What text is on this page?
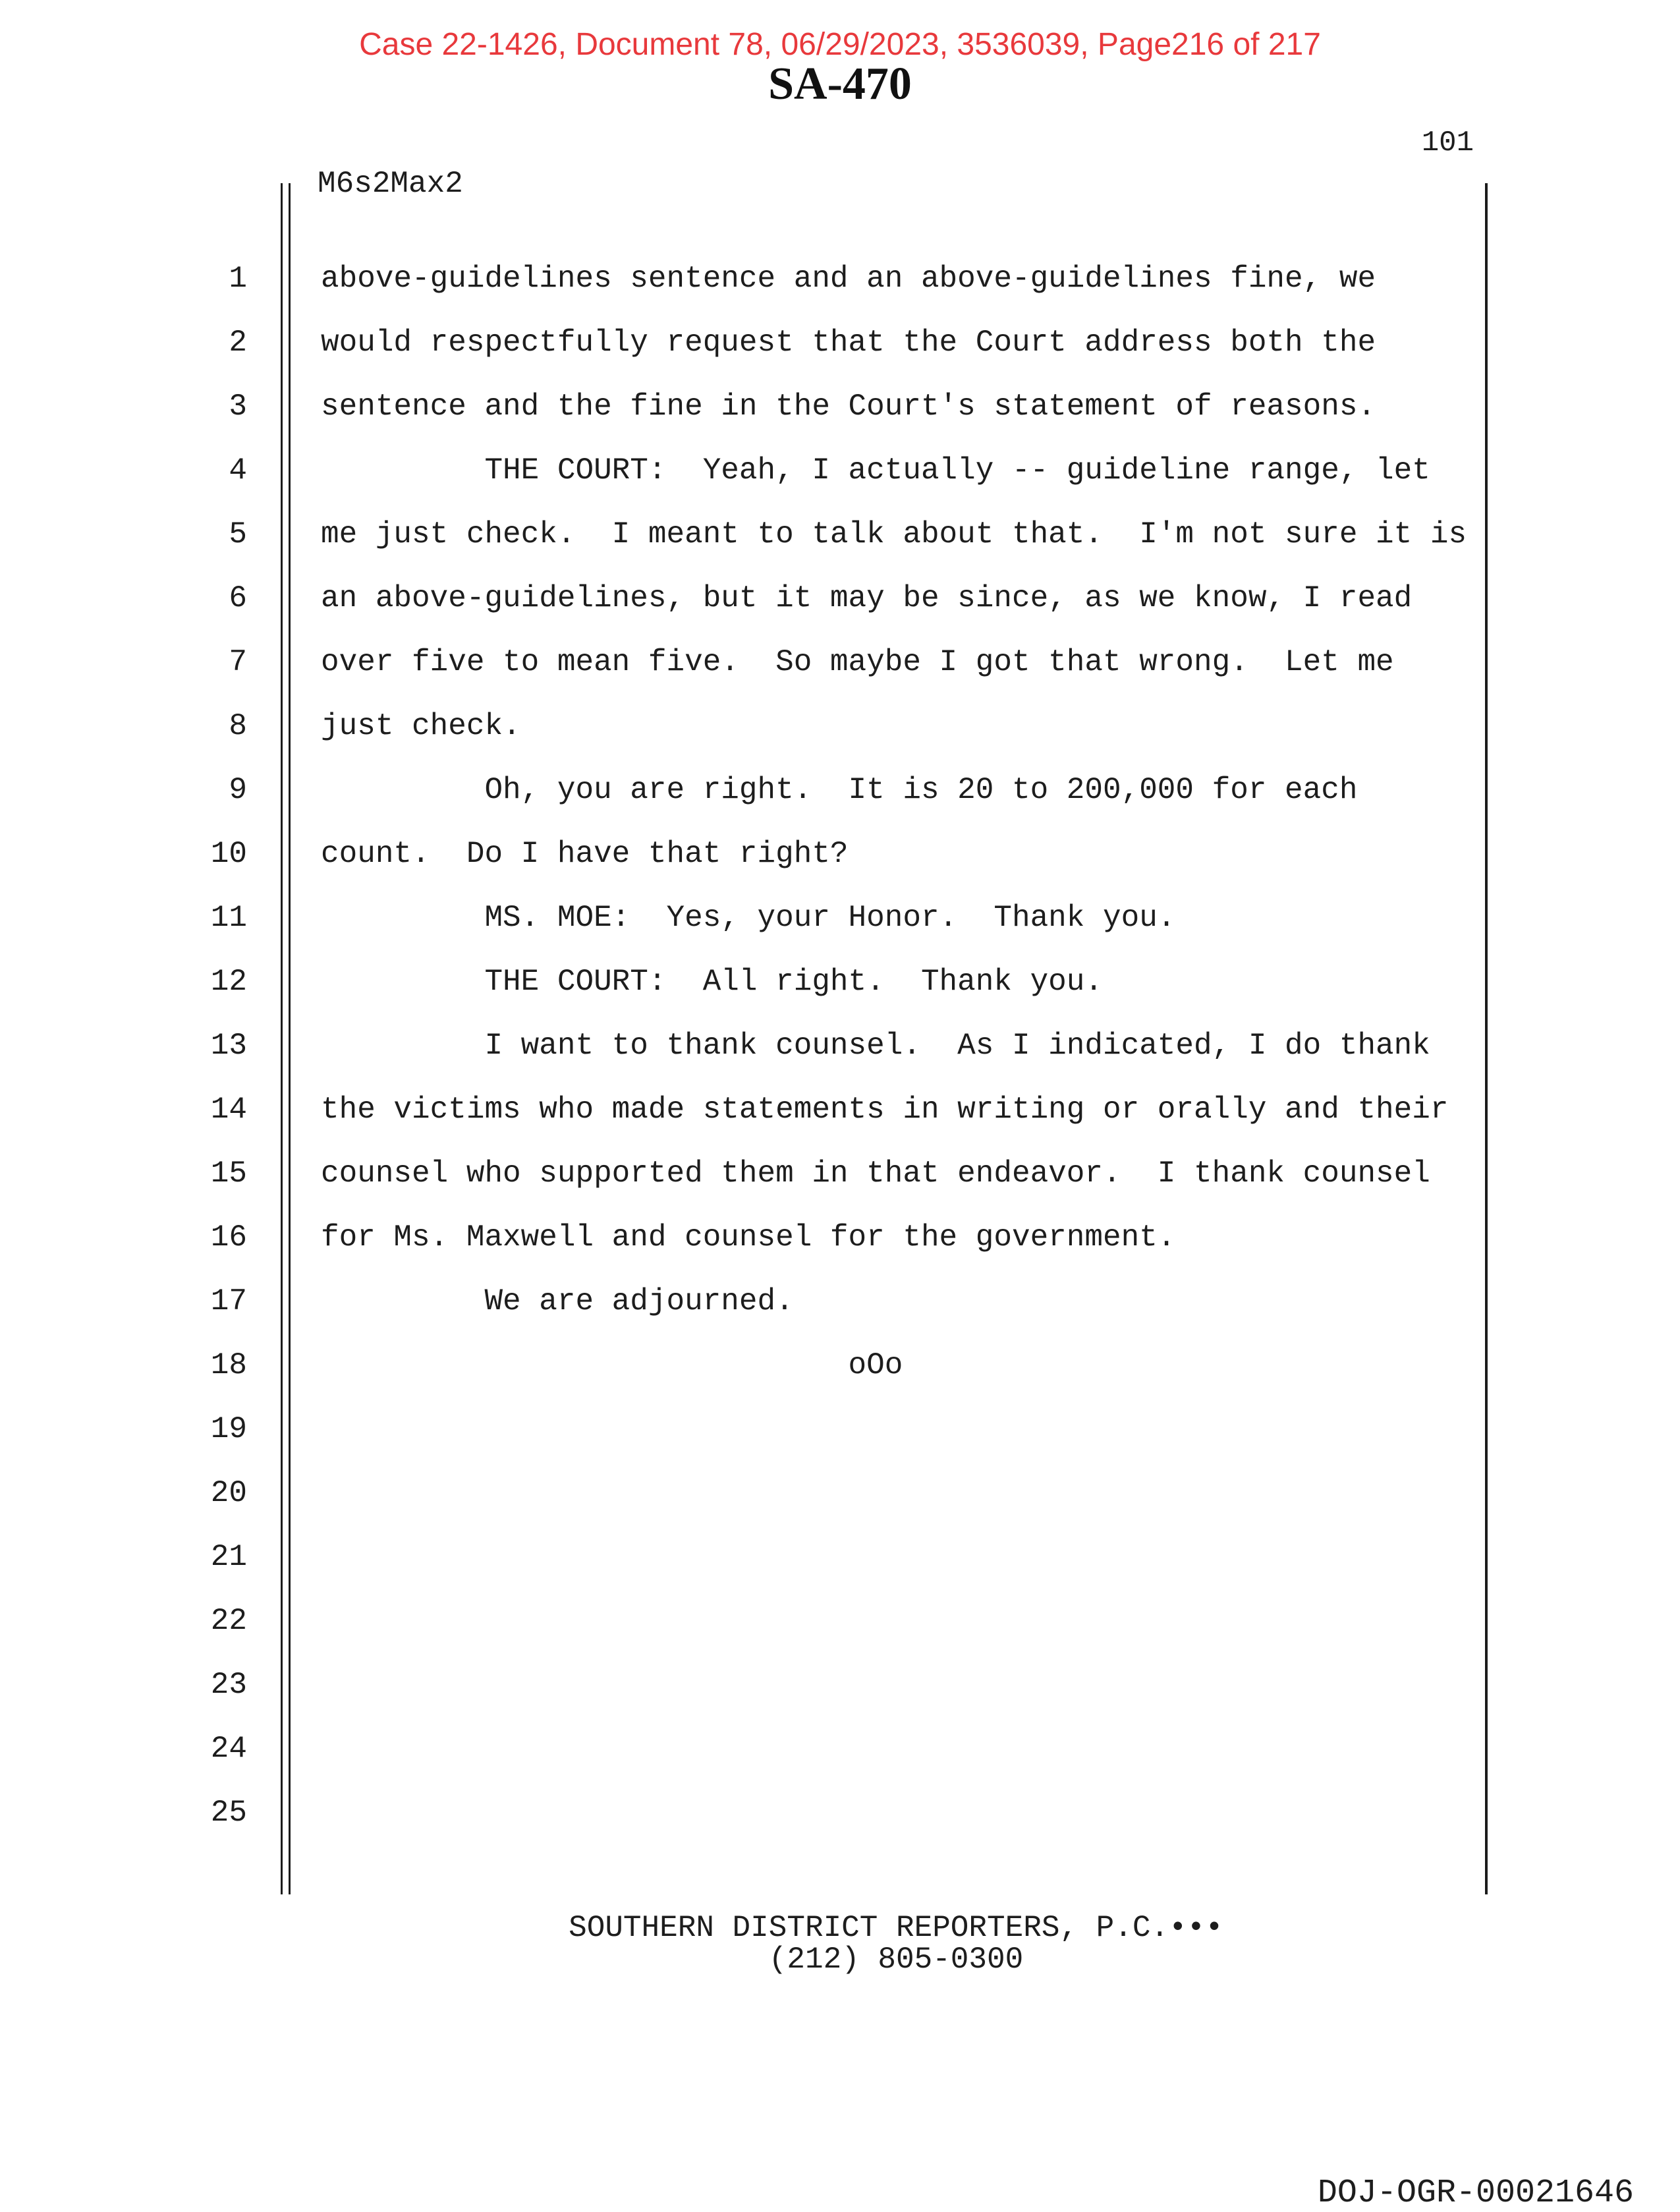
Case 22-1426, Document 78, 06/29/2023, 3536039, Page216 of 217
SA-470
101
M6s2Max2
1 above-guidelines sentence and an above-guidelines fine, we
2 would respectfully request that the Court address both the
3 sentence and the fine in the Court's statement of reasons.
4 THE COURT:  Yeah, I actually -- guideline range, let
5 me just check.  I meant to talk about that.  I'm not sure it is
6 an above-guidelines, but it may be since, as we know, I read
7 over five to mean five.  So maybe I got that wrong.  Let me
8 just check.
9 Oh, you are right.  It is 20 to 200,000 for each
10 count.  Do I have that right?
11 MS. MOE:  Yes, your Honor.  Thank you.
12 THE COURT:  All right.  Thank you.
13 I want to thank counsel.  As I indicated, I do thank
14 the victims who made statements in writing or orally and their
15 counsel who supported them in that endeavor.  I thank counsel
16 for Ms. Maxwell and counsel for the government.
17 We are adjourned.
18 oOo
19
20
21
22
23
24
25
SOUTHERN DISTRICT REPORTERS, P.C.•••
(212) 805-0300
DOJ-OGR-00021646
